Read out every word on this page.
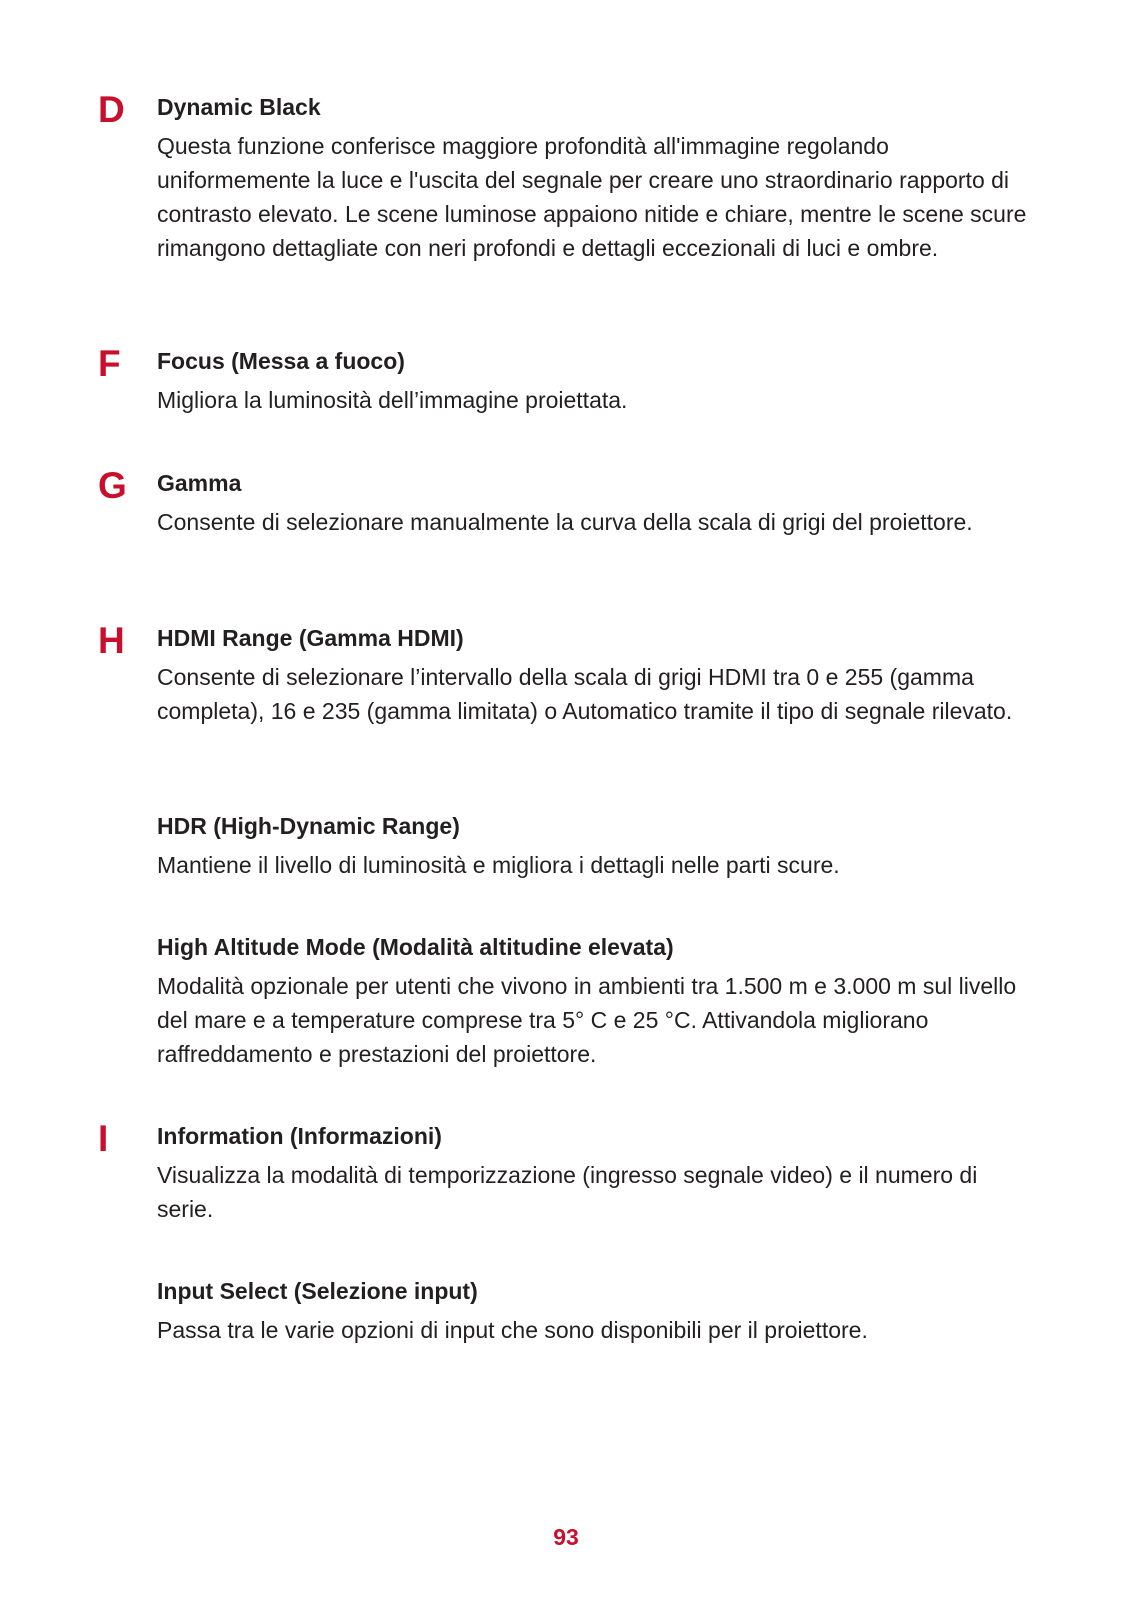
D Dynamic Black

Questa funzione conferisce maggiore profondità all'immagine regolando uniformemente la luce e l'uscita del segnale per creare uno straordinario rapporto di contrasto elevato. Le scene luminose appaiono nitide e chiare, mentre le scene scure rimangono dettagliate con neri profondi e dettagli eccezionali di luci e ombre.

F Focus (Messa a fuoco)

Migliora la luminosità dell’immagine proiettata.

G Gamma

Consente di selezionare manualmente la curva della scala di grigi del proiettore.

H HDMI Range (Gamma HDMI)

Consente di selezionare l’intervallo della scala di grigi HDMI tra 0 e 255 (gamma completa), 16 e 235 (gamma limitata) o Automatico tramite il tipo di segnale rilevato.

HDR (High-Dynamic Range)

Mantiene il livello di luminosità e migliora i dettagli nelle parti scure.

High Altitude Mode (Modalità altitudine elevata)

Modalità opzionale per utenti che vivono in ambienti tra 1.500 m e 3.000 m sul livello del mare e a temperature comprese tra 5° C e 25 °C. Attivandola migliorano raffreddamento e prestazioni del proiettore.

I Information (Informazioni)

Visualizza la modalità di temporizzazione (ingresso segnale video) e il numero di serie.

Input Select (Selezione input)

Passa tra le varie opzioni di input che sono disponibili per il proiettore.

93
